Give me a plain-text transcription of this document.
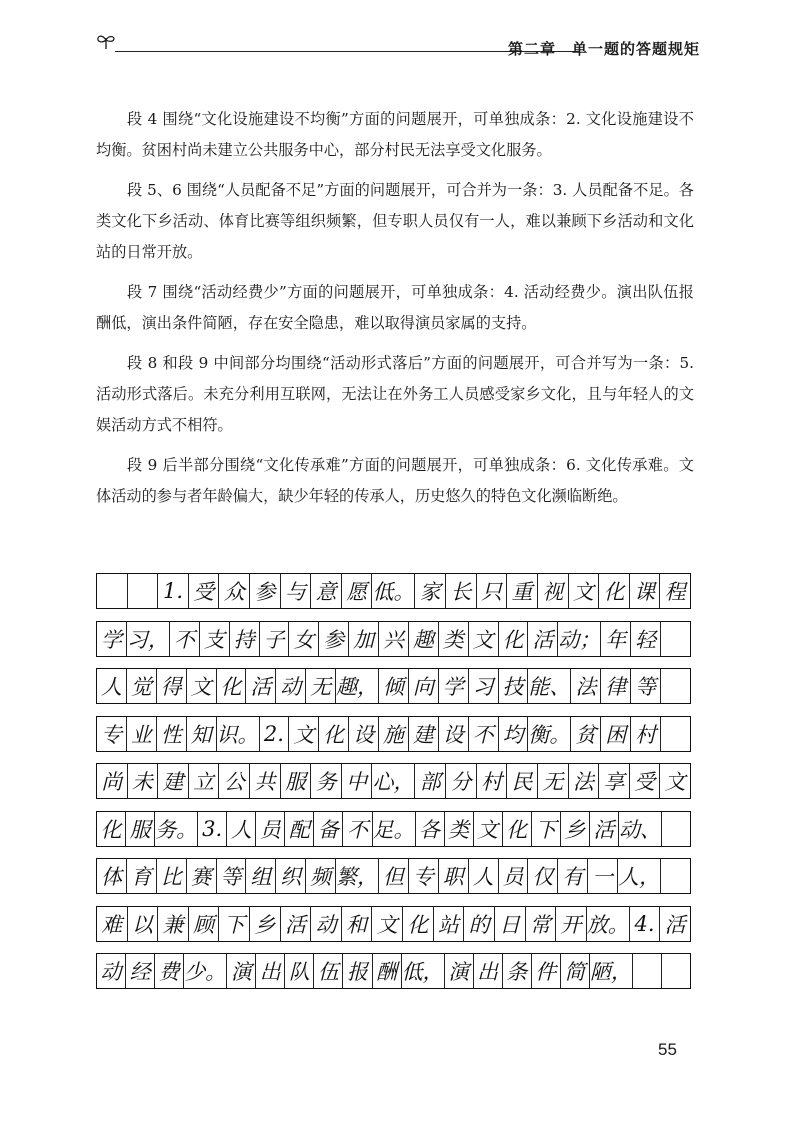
第二章　单一题的答题规矩

段 4 围绕“文化设施建设不均衡”方面的问题展开，可单独成条：2. 文化设施建设不均衡。贫困村尚未建立公共服务中心，部分村民无法享受文化服务。

段 5、6 围绕“人员配备不足”方面的问题展开，可合并为一条：3. 人员配备不足。各类文化下乡活动、体育比赛等组织频繁，但专职人员仅有一人，难以兼顾下乡活动和文化站的日常开放。

段 7 围绕“活动经费少”方面的问题展开，可单独成条：4. 活动经费少。演出队伍报酬低，演出条件简陋，存在安全隐患，难以取得演员家属的支持。

段 8 和段 9 中间部分均围绕“活动形式落后”方面的问题展开，可合并写为一条：5. 活动形式落后。未充分利用互联网，无法让在外务工人员感受家乡文化，且与年轻人的文娱活动方式不相符。

段 9 后半部分围绕“文化传承难”方面的问题展开，可单独成条：6. 文化传承难。文体活动的参与者年龄偏大，缺少年轻的传承人，历史悠久的特色文化濒临断绝。

1. 受 众 参 与 意 愿 低。 家 长 只 重 视 文 化 课 程
学 习， 不 支 持 子 女 参 加 兴 趣 类 文 化 活 动； 年 轻
人 觉 得 文 化 活 动 无 趣， 倾 向 学 习 技 能、 法 律 等
专 业 性 知 识。 2. 文 化 设 施 建 设 不 均 衡。 贫 困 村
尚 未 建 立 公 共 服 务 中 心， 部 分 村 民 无 法 享 受 文
化 服 务。 3. 人 员 配 备 不 足。 各 类 文 化 下 乡 活 动、
体 育 比 赛 等 组 织 频 繁， 但 专 职 人 员 仅 有 一 人，
难 以 兼 顾 下 乡 活 动 和 文 化 站 的 日 常 开 放。 4. 活
动 经 费 少。 演 出 队 伍 报 酬 低， 演 出 条 件 简 陋，
55
